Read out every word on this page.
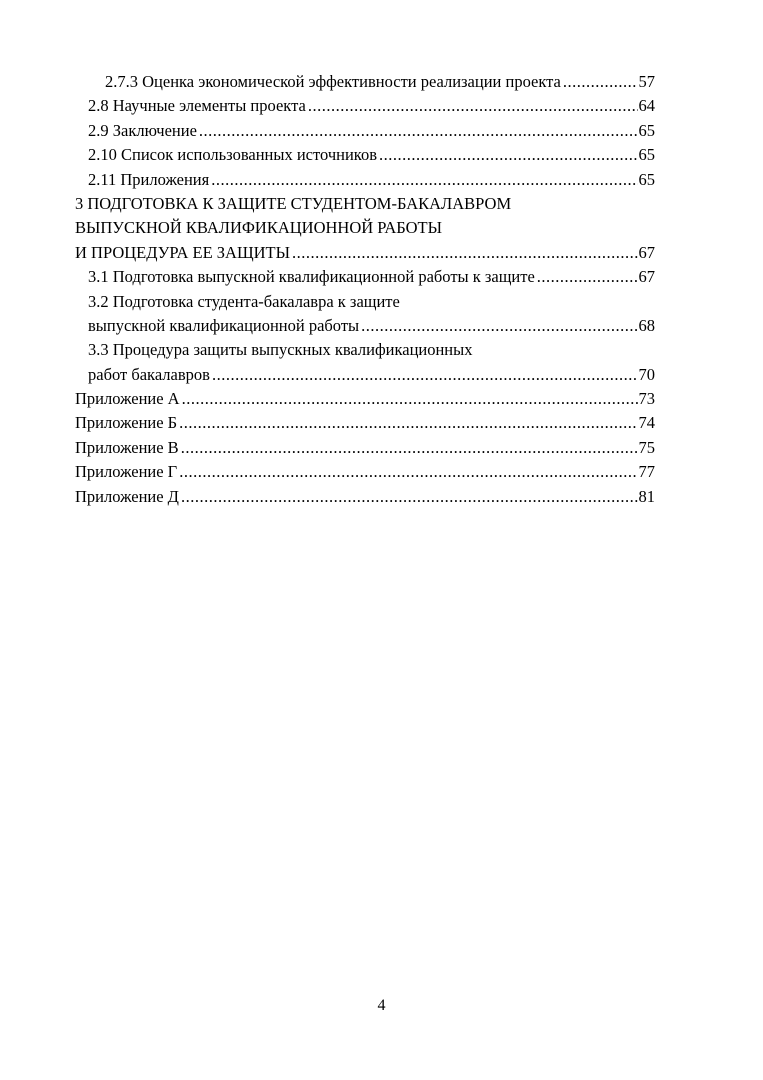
2.7.3 Оценка экономической эффективности реализации проекта .....	57
2.8 Научные элементы проекта .....	64
2.9 Заключение .....	65
2.10 Список использованных источников .....	65
2.11 Приложения .....	65
3 ПОДГОТОВКА К ЗАЩИТЕ СТУДЕНТОМ-БАКАЛАВРОМ
ВЫПУСКНОЙ КВАЛИФИКАЦИОННОЙ РАБОТЫ
И ПРОЦЕДУРА ЕЕ ЗАЩИТЫ .....	67
3.1 Подготовка выпускной квалификационной работы к защите .....	67
3.2 Подготовка студента-бакалавра к защите
выпускной квалификационной работы .....	68
3.3 Процедура защиты выпускных квалификационных
работ бакалавров .....	70
Приложение А .....	73
Приложение Б .....	74
Приложение В .....	75
Приложение Г .....	77
Приложение Д .....	81
4
